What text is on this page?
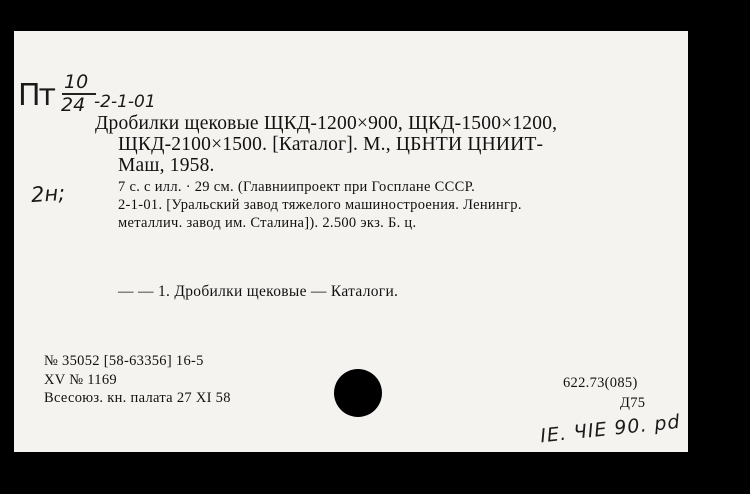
Пт 10
24 -2-1-01
2н;
Дробилки щековые ЩКД-1200×900, ЩКД-1500×1200,
ЩКД-2100×1500. [Каталог]. М., ЦБНТИ ЦНИИТ-
Маш, 1958.
7 с. с илл. · 29 см. (Главниипроект при Госплане СССР.
2-1-01. [Уральский завод тяжелого машиностроения. Ленингр.
металлич. завод им. Сталина]). 2.500 экз. Б. ц.
— — 1. Дробилки щековые — Каталоги.
№ 35052 [58-63356] 16-5
XV № 1169
Всесоюз. кн. палата 27 XI 58
622.73(085)
Д75
IE. ЧIЕ 90. pd
